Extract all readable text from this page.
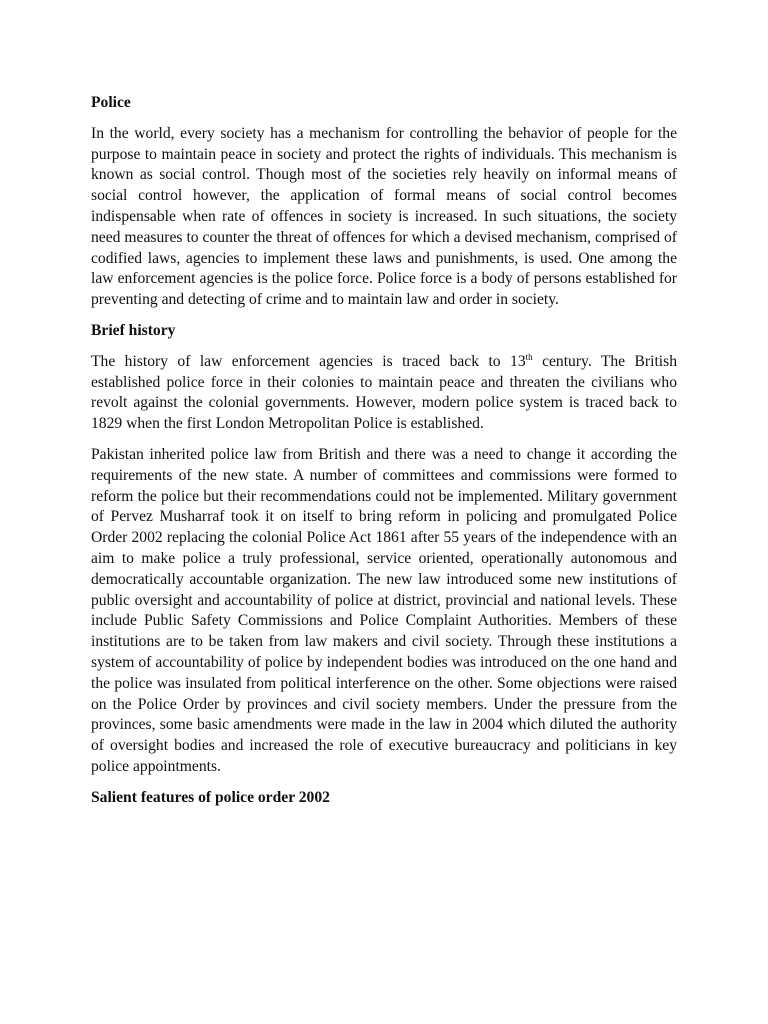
Police

In the world, every society has a mechanism for controlling the behavior of people for the purpose to maintain peace in society and protect the rights of individuals. This mechanism is known as social control. Though most of the societies rely heavily on informal means of social control however, the application of formal means of social control becomes indispensable when rate of offences in society is increased. In such situations, the society need measures to counter the threat of offences for which a devised mechanism, comprised of codified laws, agencies to implement these laws and punishments, is used. One among the law enforcement agencies is the police force. Police force is a body of persons established for preventing and detecting of crime and to maintain law and order in society.

Brief history

The history of law enforcement agencies is traced back to 13th century. The British established police force in their colonies to maintain peace and threaten the civilians who revolt against the colonial governments. However, modern police system is traced back to 1829 when the first London Metropolitan Police is established.

Pakistan inherited police law from British and there was a need to change it according the requirements of the new state. A number of committees and commissions were formed to reform the police but their recommendations could not be implemented. Military government of Pervez Musharraf took it on itself to bring reform in policing and promulgated Police Order 2002 replacing the colonial Police Act 1861 after 55 years of the independence with an aim to make police a truly professional, service oriented, operationally autonomous and democratically accountable organization. The new law introduced some new institutions of public oversight and accountability of police at district, provincial and national levels. These include Public Safety Commissions and Police Complaint Authorities. Members of these institutions are to be taken from law makers and civil society. Through these institutions a system of accountability of police by independent bodies was introduced on the one hand and the police was insulated from political interference on the other. Some objections were raised on the Police Order by provinces and civil society members. Under the pressure from the provinces, some basic amendments were made in the law in 2004 which diluted the authority of oversight bodies and increased the role of executive bureaucracy and politicians in key police appointments.

Salient features of police order 2002
